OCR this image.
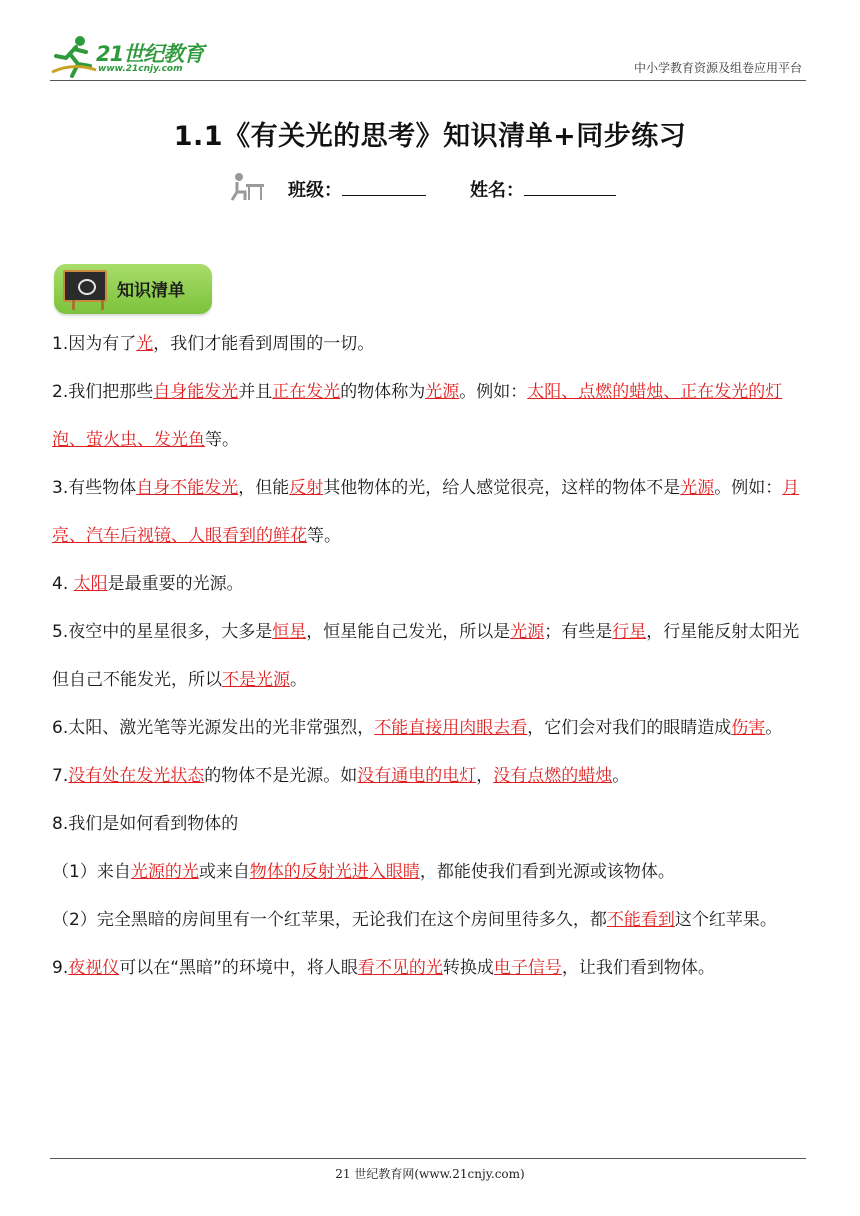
21世纪教育
www.21cnjy.com	中小学教育资源及组卷应用平台
1.1《有关光的思考》知识清单+同步练习
班级：	姓名：
知识清单

1.因为有了光，我们才能看到周围的一切。

2.我们把那些自身能发光并且正在发光的物体称为光源。例如：太阳、点燃的蜡烛、正在发光的灯泡、萤火虫、发光鱼等。

3.有些物体自身不能发光，但能反射其他物体的光，给人感觉很亮，这样的物体不是光源。例如：月亮、汽车后视镜、人眼看到的鲜花等。

4. 太阳是最重要的光源。

5.夜空中的星星很多，大多是恒星，恒星能自己发光，所以是光源；有些是行星，行星能反射太阳光但自己不能发光，所以不是光源。

6.太阳、激光笔等光源发出的光非常强烈，不能直接用肉眼去看，它们会对我们的眼睛造成伤害。

7.没有处在发光状态的物体不是光源。如没有通电的电灯，没有点燃的蜡烛。

8.我们是如何看到物体的

（1）来自光源的光或来自物体的反射光进入眼睛，都能使我们看到光源或该物体。

（2）完全黑暗的房间里有一个红苹果，无论我们在这个房间里待多久，都不能看到这个红苹果。

9.夜视仪可以在“黑暗”的环境中，将人眼看不见的光转换成电子信号，让我们看到物体。

21 世纪教育网(www.21cnjy.com)
